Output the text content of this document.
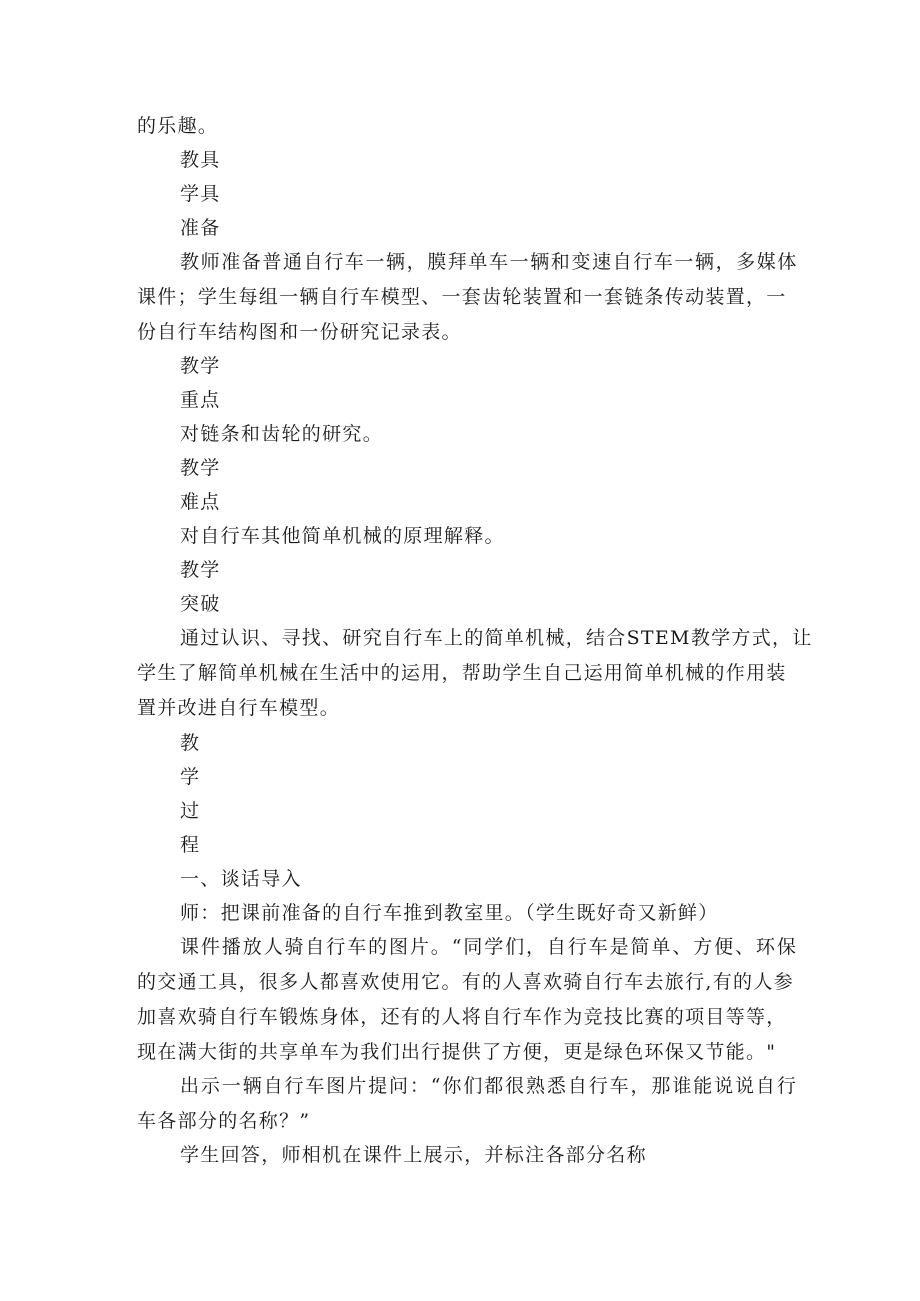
的乐趣。
教具
学具
准备
教师准备普通自行车一辆，膜拜单车一辆和变速自行车一辆，多媒体
课件；学生每组一辆自行车模型、一套齿轮装置和一套链条传动装置，一
份自行车结构图和一份研究记录表。
教学
重点
对链条和齿轮的研究。
教学
难点
对自行车其他简单机械的原理解释。
教学
突破
通过认识、寻找、研究自行车上的简单机械，结合STEM教学方式，让
学生了解简单机械在生活中的运用，帮助学生自己运用简单机械的作用装
置并改进自行车模型。
教
学
过
程
一、谈话导入
师：把课前准备的自行车推到教室里。（学生既好奇又新鲜）
课件播放人骑自行车的图片。“同学们，自行车是简单、方便、环保
的交通工具，很多人都喜欢使用它。有的人喜欢骑自行车去旅行,有的人参
加喜欢骑自行车锻炼身体，还有的人将自行车作为竞技比赛的项目等等，
现在满大街的共享单车为我们出行提供了方便，更是绿色环保又节能。"
出示一辆自行车图片提问：“你们都很熟悉自行车，那谁能说说自行
车各部分的名称？”
学生回答，师相机在课件上展示，并标注各部分名称
